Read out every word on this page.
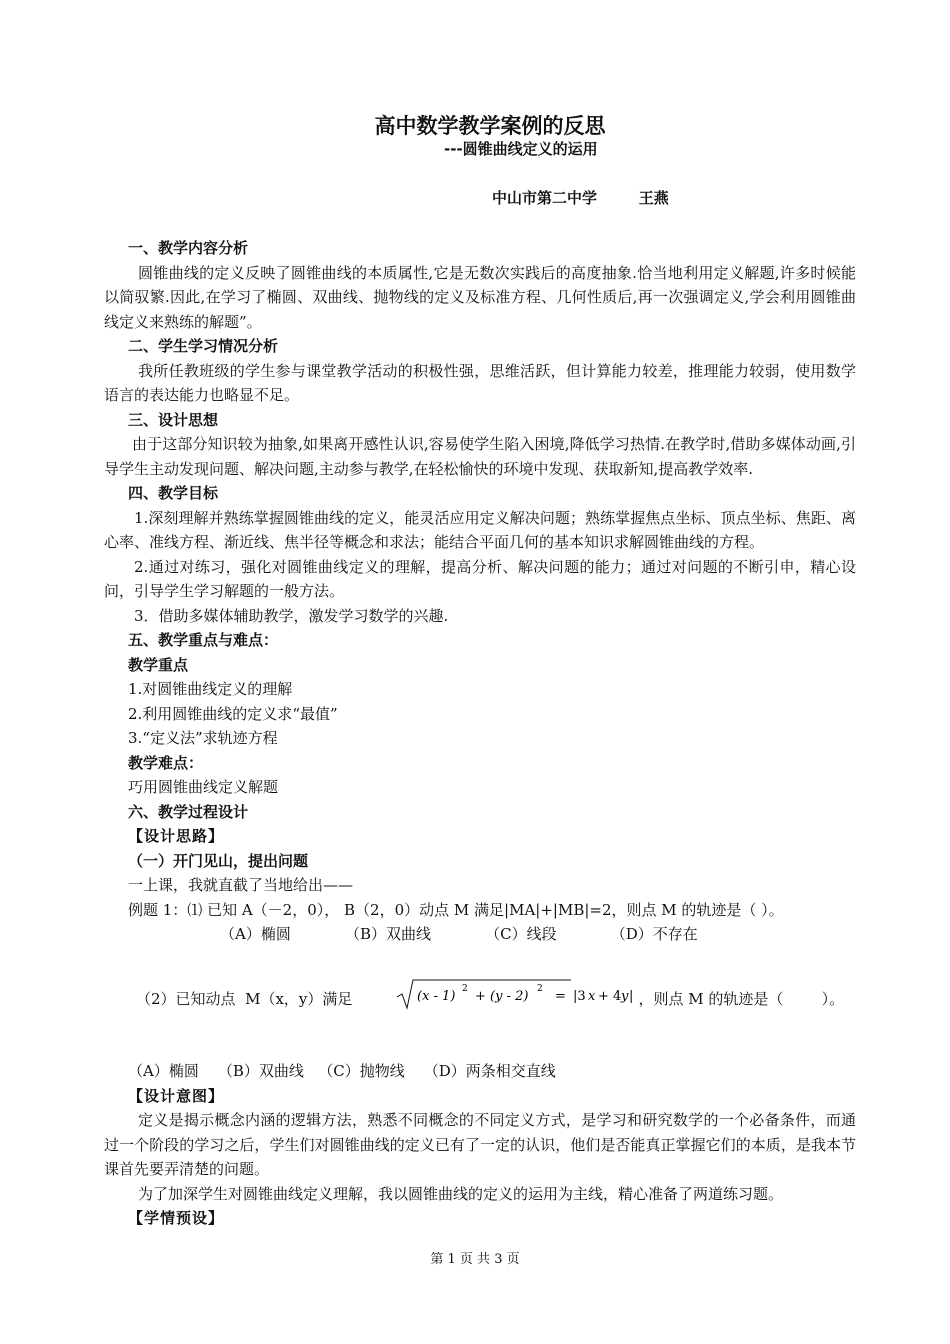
高中数学教学案例的反思
---圆锥曲线定义的运用
中山市第二中学        王燕
一、教学内容分析

圆锥曲线的定义反映了圆锥曲线的本质属性,它是无数次实践后的高度抽象.恰当地利用定义解题,许多时候能以简驭繁.因此,在学习了椭圆、双曲线、抛物线的定义及标准方程、几何性质后,再一次强调定义,学会利用圆锥曲线定义来熟练的解题”。

二、学生学习情况分析

我所任教班级的学生参与课堂教学活动的积极性强，思维活跃，但计算能力较差，推理能力较弱，使用数学语言的表达能力也略显不足。

三、设计思想

由于这部分知识较为抽象,如果离开感性认识,容易使学生陷入困境,降低学习热情.在教学时,借助多媒体动画,引导学生主动发现问题、解决问题,主动参与教学,在轻松愉快的环境中发现、获取新知,提高教学效率.

四、教学目标

1.深刻理解并熟练掌握圆锥曲线的定义，能灵活应用定义解决问题；熟练掌握焦点坐标、顶点坐标、焦距、离心率、准线方程、渐近线、焦半径等概念和求法；能结合平面几何的基本知识求解圆锥曲线的方程。

2.通过对练习，强化对圆锥曲线定义的理解，提高分析、解决问题的能力；通过对问题的不断引申，精心设问，引导学生学习解题的一般方法。

3．借助多媒体辅助教学，激发学习数学的兴趣.

五、教学重点与难点：
教学重点
1.对圆锥曲线定义的理解
2.利用圆锥曲线的定义求“最值”
3.“定义法”求轨迹方程
教学难点：
巧用圆锥曲线定义解题
六、教学过程设计
【设计思路】
（一）开门见山，提出问题
一上课，我就直截了当地给出——
例题 1：⑴ 已知 A（－2，0）， B（2，0）动点 M 满足|MA|+|MB|=2，则点 M 的轨迹是（ ）。
（A）椭圆        （B）双曲线        （C）线段        （D）不存在
（2）已知动点  M（x，y）满足

	(x - 1) 2 + (y - 2) 2 = |3 x + 4 y |

，则点 M 的轨迹是（        ）。
（A）椭圆    （B）双曲线   （C）抛物线    （D）两条相交直线
【设计意图】

定义是揭示概念内涵的逻辑方法，熟悉不同概念的不同定义方式，是学习和研究数学的一个必备条件，而通过一个阶段的学习之后，学生们对圆锥曲线的定义已有了一定的认识，他们是否能真正掌握它们的本质，是我本节课首先要弄清楚的问题。

为了加深学生对圆锥曲线定义理解，我以圆锥曲线的定义的运用为主线，精心准备了两道练习题。

【学情预设】
第 1 页 共 3 页
